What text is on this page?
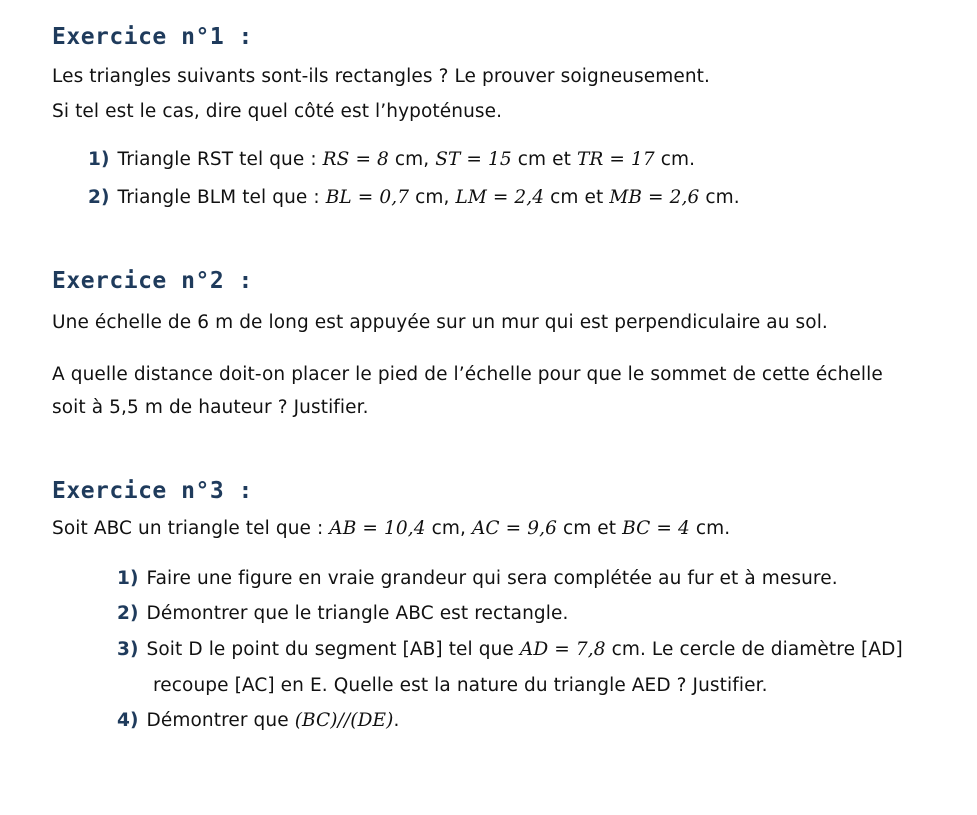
Exercice n°1 :
Les triangles suivants sont-ils rectangles ? Le prouver soigneusement.
Si tel est le cas, dire quel côté est l’hypoténuse.
1) Triangle RST tel que : RS = 8 cm, ST = 15 cm et TR = 17 cm.
2) Triangle BLM tel que : BL = 0,7 cm, LM = 2,4 cm et MB = 2,6 cm.
Exercice n°2 :
Une échelle de 6 m de long est appuyée sur un mur qui est perpendiculaire au sol.
A quelle distance doit-on placer le pied de l’échelle pour que le sommet de cette échelle
soit à 5,5 m de hauteur ? Justifier.
Exercice n°3 :
Soit ABC un triangle tel que : AB = 10,4 cm, AC = 9,6 cm et BC = 4 cm.
1) Faire une figure en vraie grandeur qui sera complétée au fur et à mesure.
2) Démontrer que le triangle ABC est rectangle.
3) Soit D le point du segment [AB] tel que AD = 7,8 cm. Le cercle de diamètre [AD]
recoupe [AC] en E. Quelle est la nature du triangle AED ? Justifier.
4) Démontrer que (BC)//(DE).
